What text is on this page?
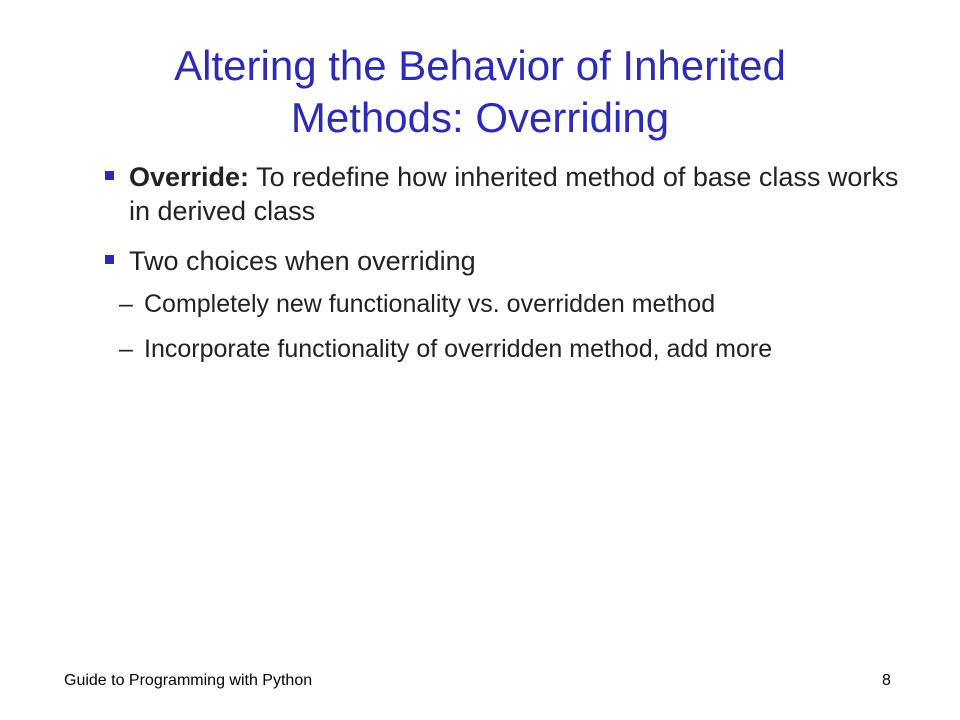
Altering the Behavior of Inherited
Methods: Overriding
Override: To redefine how inherited method of base class works in derived class
Two choices when overriding
– Completely new functionality vs. overridden method
– Incorporate functionality of overridden method, add more
Guide to Programming with Python	8
